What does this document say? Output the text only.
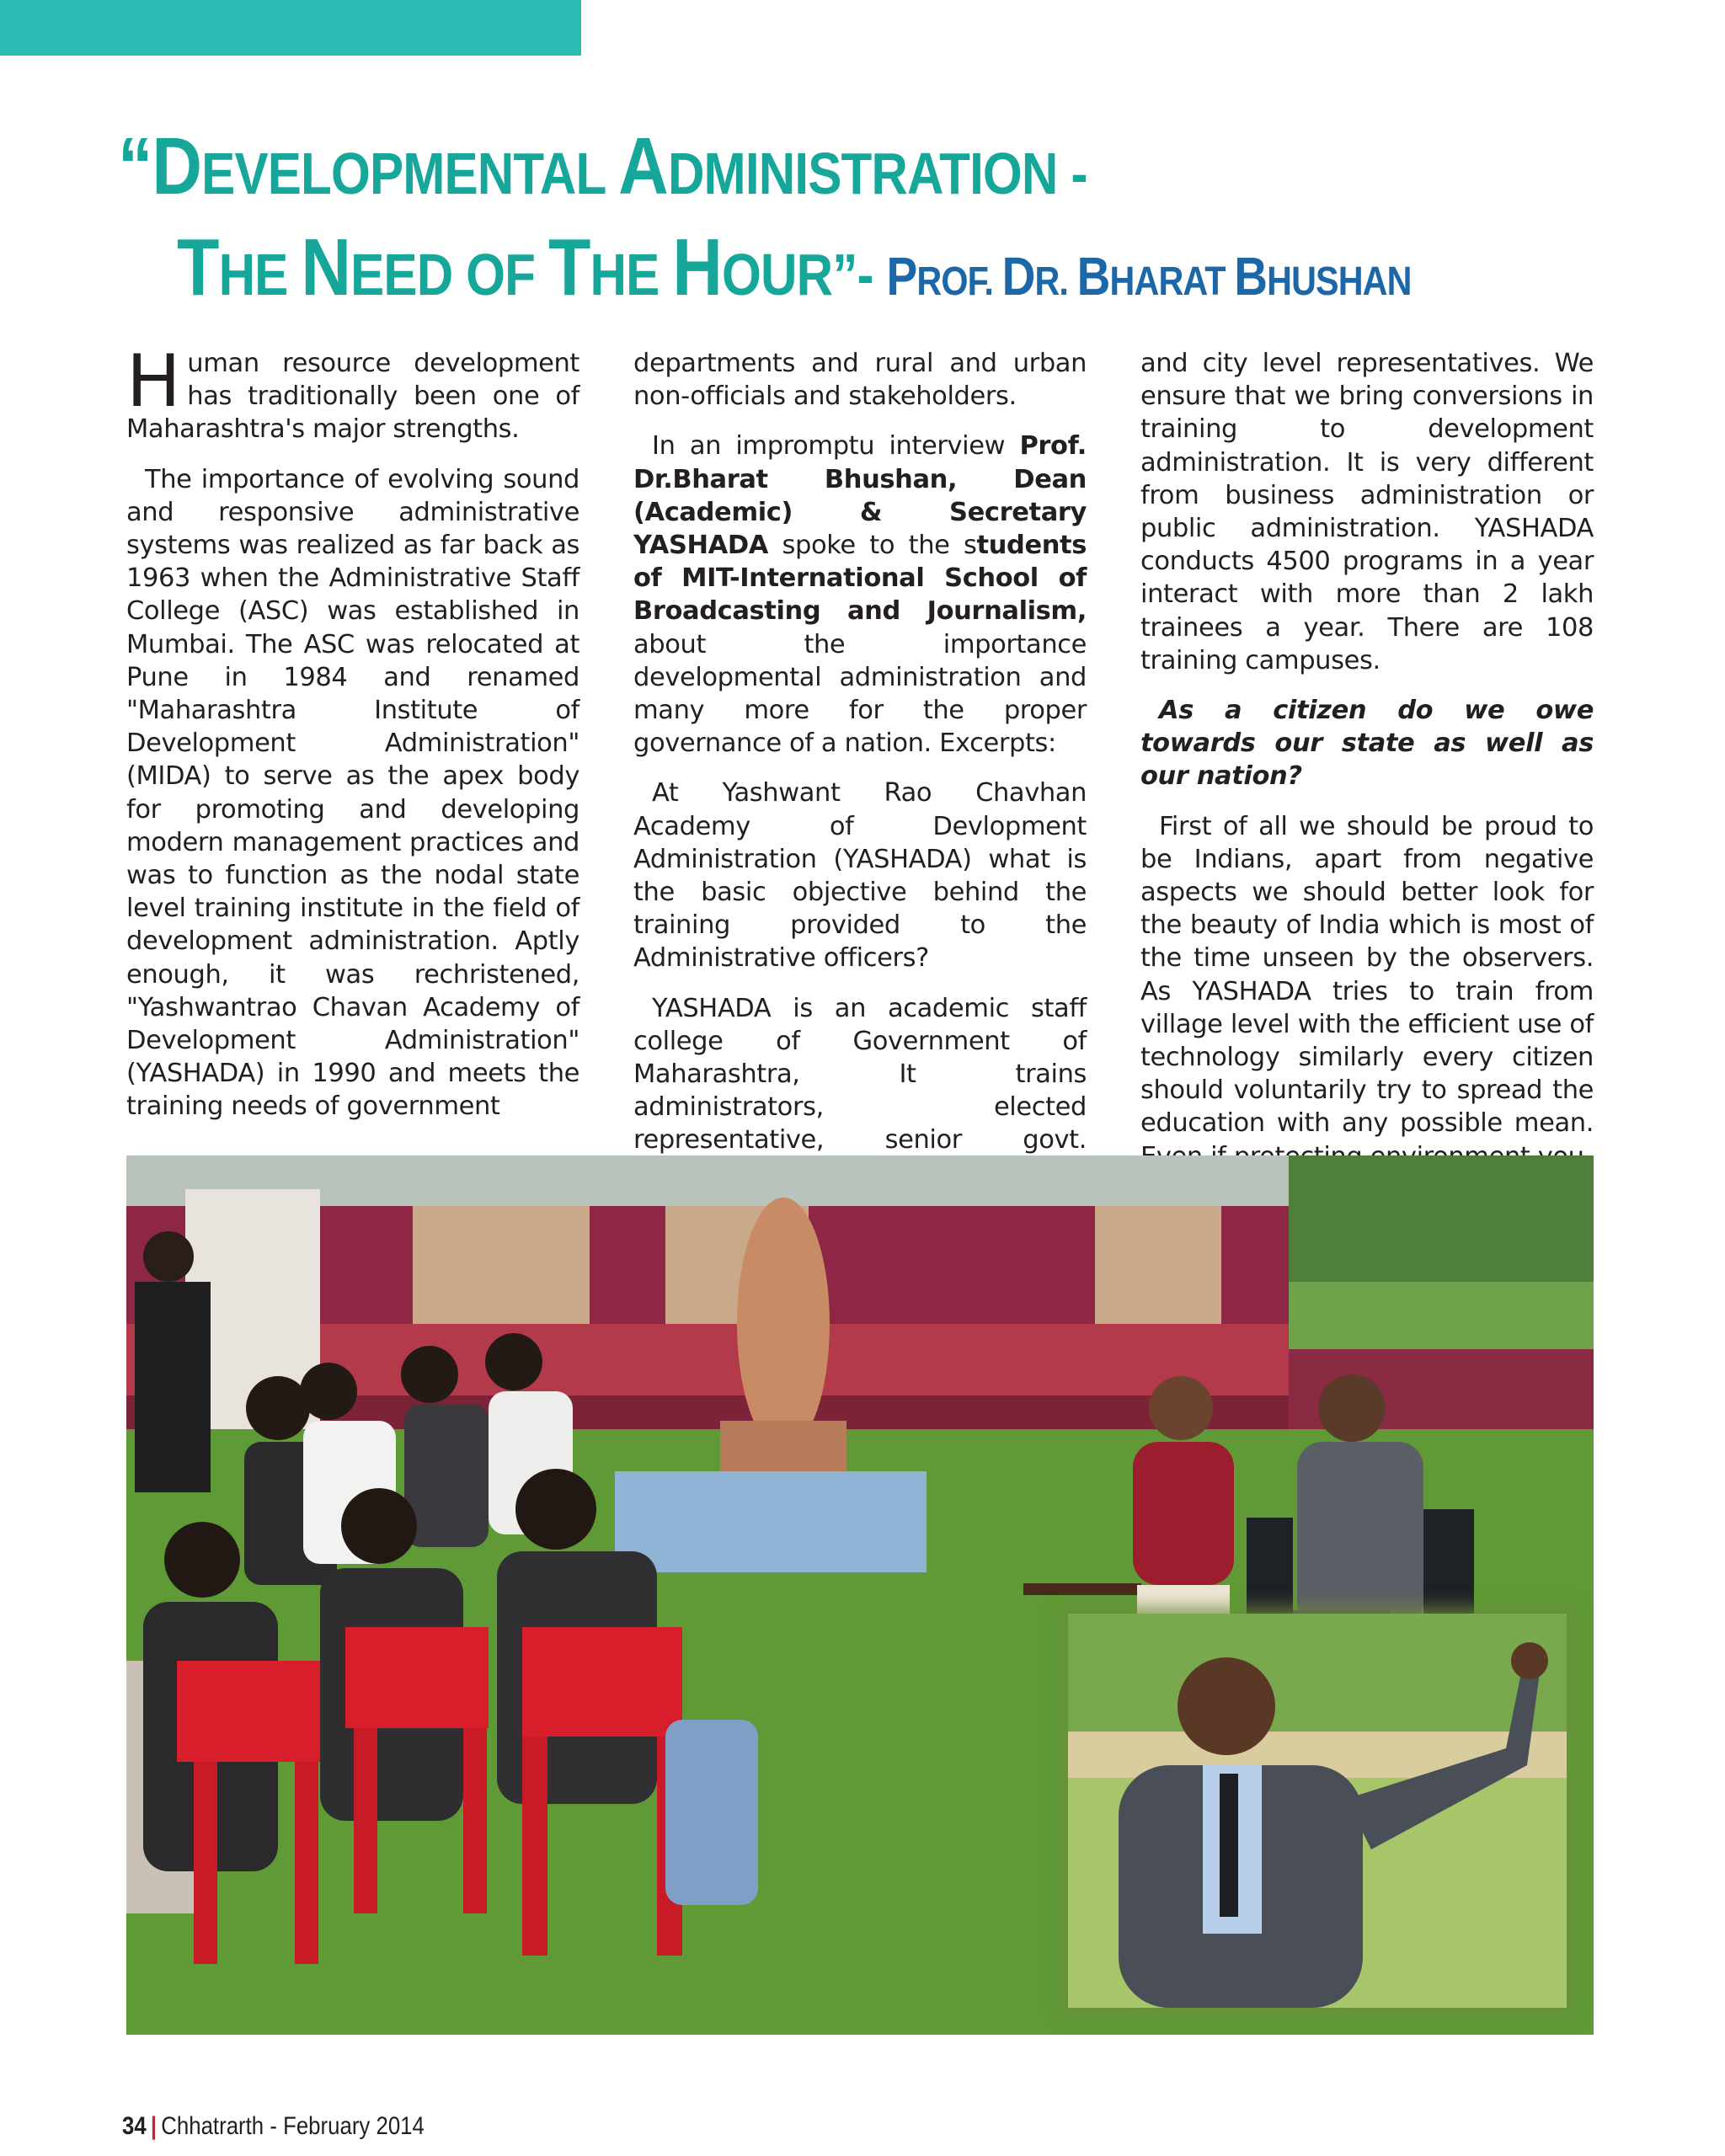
“DEVELOPMENTAL ADMINISTRATION -
THE NEED OF THE HOUR”- PROF. DR. BHARAT BHUSHAN

Human resource development has traditionally been one of Maharashtra's major strengths.

The importance of evolving sound and responsive administrative systems was realized as far back as 1963 when the Administrative Staff College (ASC) was established in Mumbai. The ASC was relocated at Pune in 1984 and renamed "Maharashtra Institute of Development Administration" (MIDA) to serve as the apex body for promoting and developing modern management practices and was to function as the nodal state level training institute in the field of development administration. Aptly enough, it was rechristened, "Yashwantrao Chavan Academy of Development Administration" (YASHADA) in 1990 and meets the training needs of government

departments and rural and urban non-officials and stakeholders.

In an impromptu interview Prof. Dr.Bharat Bhushan, Dean (Academic) & Secretary YASHADA spoke to the students of MIT-International School of Broadcasting and Journalism, about the importance developmental administration and many more for the proper governance of a nation. Excerpts:

At Yashwant Rao Chavhan Academy of Devlopment Administration (YASHADA) what is the basic objective behind the training provided to the Administrative officers?

YASHADA is an academic staff college of Government of Maharashtra, It trains administrators, elected representative, senior govt.

and city level representatives. We ensure that we bring conversions in training to development administration. It is very different from business administration or public administration. YASHADA conducts 4500 programs in a year interact with more than 2 lakh trainees a year. There are 108 training campuses.

As a citizen do we owe towards our state as well as our nation?

First of all we should be proud to be Indians, apart from negative aspects we should better look for the beauty of India which is most of the time unseen by the observers. As YASHADA tries to train from village level with the efficient use of technology similarly every citizen should voluntarily try to spread the education with any possible mean.

34 | Chhatrarth - February 2014
